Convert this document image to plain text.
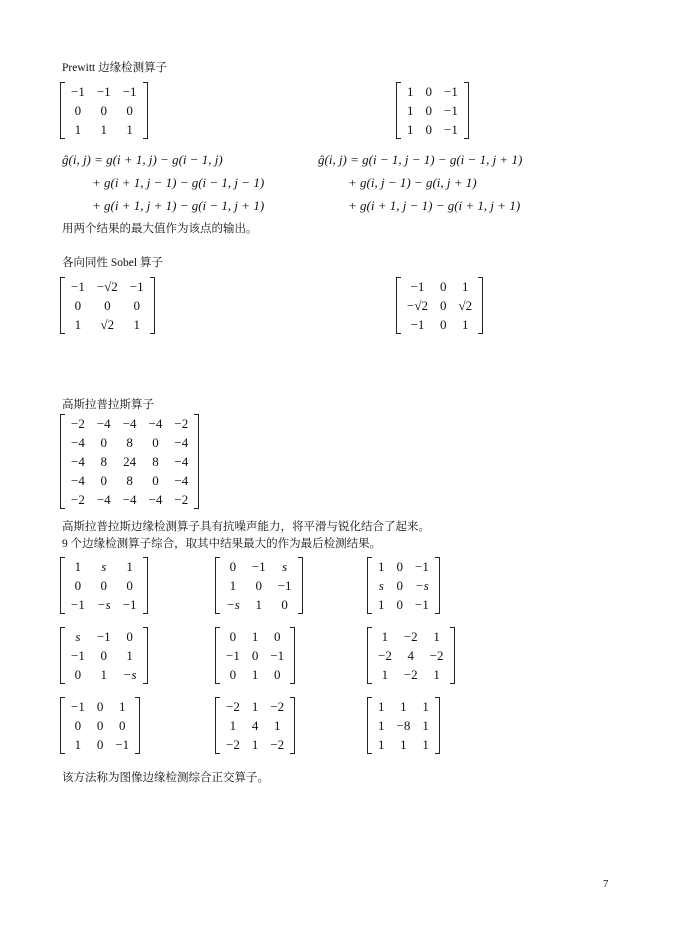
Prewitt 边缘检测算子
−1	−1	−1
0	0	0
1	1	1
1	0	−1
1	0	−1
1	0	−1
ĝ(i, j) = g(i + 1, j) − g(i − 1, j)
+ g(i + 1, j − 1) − g(i − 1, j − 1)
+ g(i + 1, j + 1) − g(i − 1, j + 1)
ĝ(i, j) = g(i − 1, j − 1) − g(i − 1, j + 1)
+ g(i, j − 1) − g(i, j + 1)
+ g(i + 1, j − 1) − g(i + 1, j + 1)
用两个结果的最大值作为该点的输出。
各向同性 Sobel 算子
−1	−√2	−1
0	0	0
1	√2	1
−1	0	1
−√2	0	√2
−1	0	1
高斯拉普拉斯算子
−2	−4	−4	−4	−2
−4	0	8	0	−4
−4	8	24	8	−4
−4	0	8	0	−4
−2	−4	−4	−4	−2
高斯拉普拉斯边缘检测算子具有抗噪声能力，将平滑与锐化结合了起来。
9 个边缘检测算子综合，取其中结果最大的作为最后检测结果。
1	s	1
0	0	0
−1	−s	−1
0	−1	s
1	0	−1
−s	1	0
1	0	−1
s	0	−s
1	0	−1
s	−1	0
−1	0	1
0	1	−s
0	1	0
−1	0	−1
0	1	0
1	−2	1
−2	4	−2
1	−2	1
−1	0	1
0	0	0
1	0	−1
−2	1	−2
1	4	1
−2	1	−2
1	1	1
1	−8	1
1	1	1
该方法称为图像边缘检测综合正交算子。
7
